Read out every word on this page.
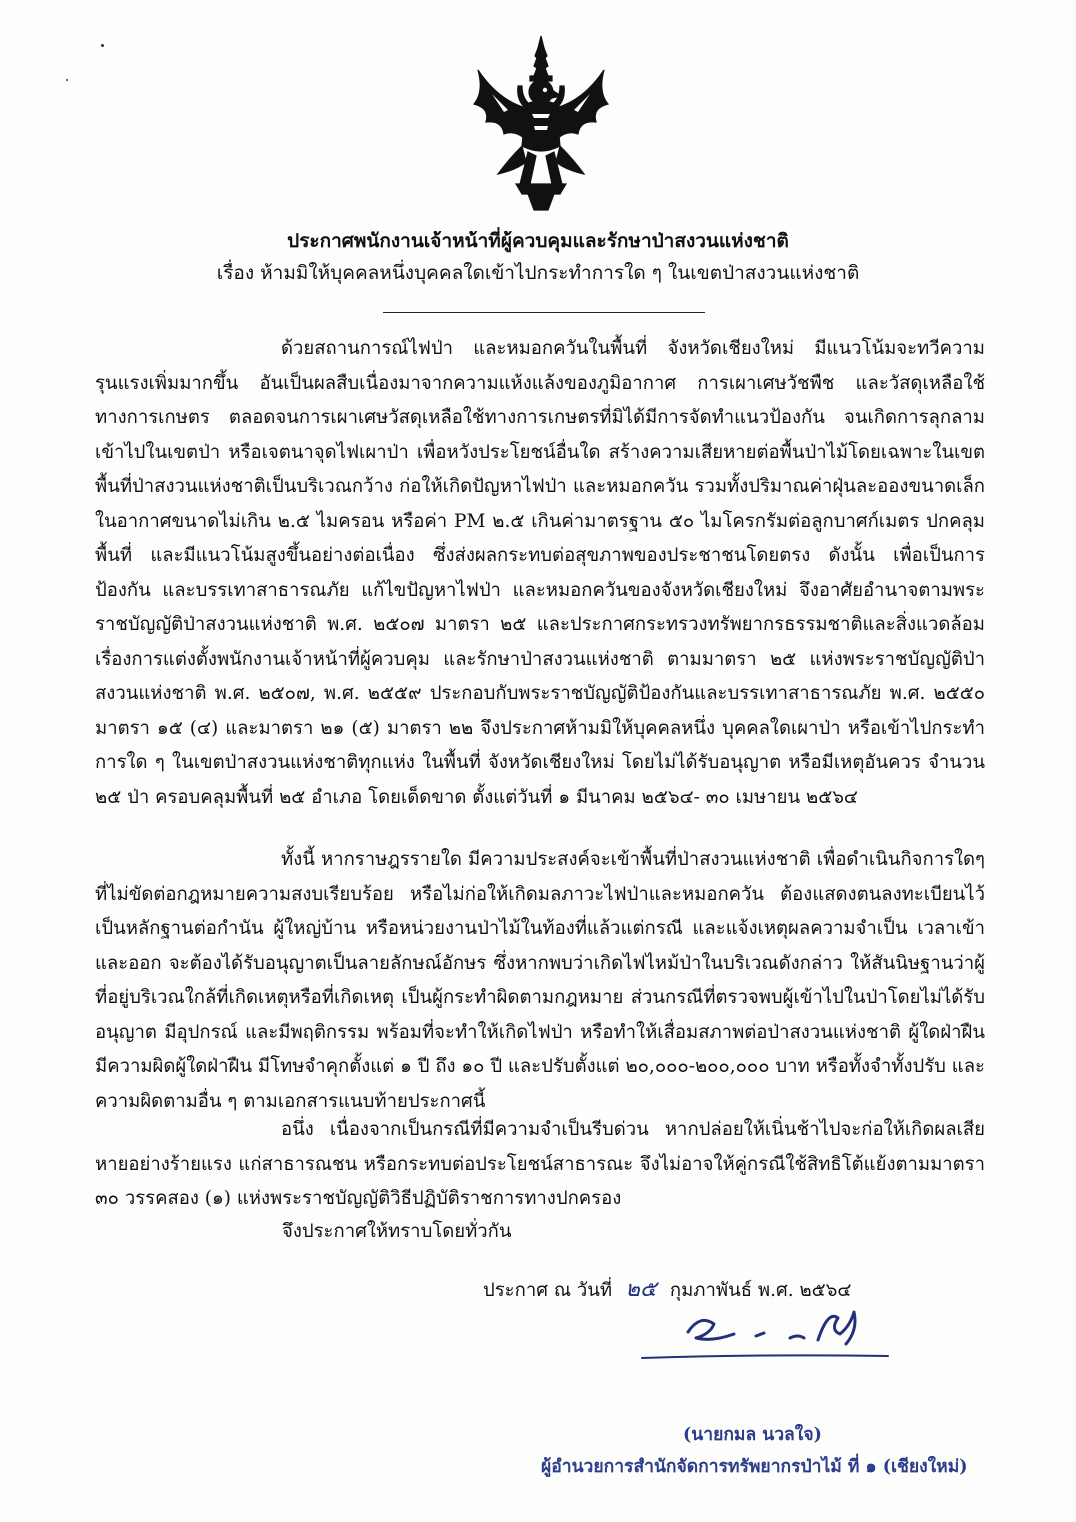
ประกาศพนักงานเจ้าหน้าที่ผู้ควบคุมและรักษาป่าสงวนแห่งชาติ
เรื่อง ห้ามมิให้บุคคลหนึ่งบุคคลใดเข้าไปกระทำการใด ๆ ในเขตป่าสงวนแห่งชาติ

ด้วยสถานการณ์ไฟป่า และหมอกควันในพื้นที่ จังหวัดเชียงใหม่ มีแนวโน้มจะทวีความรุนแรงเพิ่มมากขึ้น อันเป็นผลสืบเนื่องมาจากความแห้งแล้งของภูมิอากาศ การเผาเศษวัชพืช และวัสดุเหลือใช้ทางการเกษตร ตลอดจนการเผาเศษวัสดุเหลือใช้ทางการเกษตรที่มิได้มีการจัดทำแนวป้องกัน จนเกิดการลุกลามเข้าไปในเขตป่า หรือเจตนาจุดไฟเผาป่า เพื่อหวังประโยชน์อื่นใด สร้างความเสียหายต่อพื้นป่าไม้โดยเฉพาะในเขตพื้นที่ป่าสงวนแห่งชาติเป็นบริเวณกว้าง ก่อให้เกิดปัญหาไฟป่า และหมอกควัน รวมทั้งปริมาณค่าฝุ่นละอองขนาดเล็กในอากาศขนาดไม่เกิน ๒.๕ ไมครอน หรือค่า PM ๒.๕ เกินค่ามาตรฐาน ๕๐ ไมโครกรัมต่อลูกบาศก์เมตร ปกคลุมพื้นที่ และมีแนวโน้มสูงขึ้นอย่างต่อเนื่อง ซึ่งส่งผลกระทบต่อสุขภาพของประชาชนโดยตรง ดังนั้น เพื่อเป็นการป้องกัน และบรรเทาสาธารณภัย แก้ไขปัญหาไฟป่า และหมอกควันของจังหวัดเชียงใหม่ จึงอาศัยอำนาจตามพระราชบัญญัติป่าสงวนแห่งชาติ พ.ศ. ๒๕๐๗ มาตรา ๒๕ และประกาศกระทรวงทรัพยากรธรรมชาติและสิ่งแวดล้อม เรื่องการแต่งตั้งพนักงานเจ้าหน้าที่ผู้ควบคุม และรักษาป่าสงวนแห่งชาติ ตามมาตรา ๒๕ แห่งพระราชบัญญัติป่าสงวนแห่งชาติ พ.ศ. ๒๕๐๗, พ.ศ. ๒๕๕๙ ประกอบกับพระราชบัญญัติป้องกันและบรรเทาสาธารณภัย พ.ศ. ๒๕๕๐ มาตรา ๑๕ (๔) และมาตรา ๒๑ (๕) มาตรา ๒๒ จึงประกาศห้ามมิให้บุคคลหนึ่ง บุคคลใดเผาป่า หรือเข้าไปกระทำการใด ๆ ในเขตป่าสงวนแห่งชาติทุกแห่ง ในพื้นที่ จังหวัดเชียงใหม่ โดยไม่ได้รับอนุญาต หรือมีเหตุอันควร จำนวน ๒๕ ป่า ครอบคลุมพื้นที่ ๒๕ อำเภอ โดยเด็ดขาด ตั้งแต่วันที่ ๑ มีนาคม ๒๕๖๔- ๓๐ เมษายน ๒๕๖๔

ทั้งนี้ หากราษฎรรายใด มีความประสงค์จะเข้าพื้นที่ป่าสงวนแห่งชาติ เพื่อดำเนินกิจการใดๆ ที่ไม่ขัดต่อกฎหมายความสงบเรียบร้อย หรือไม่ก่อให้เกิดมลภาวะไฟป่าและหมอกควัน ต้องแสดงตนลงทะเบียนไว้เป็นหลักฐานต่อกำนัน ผู้ใหญ่บ้าน หรือหน่วยงานป่าไม้ในท้องที่แล้วแต่กรณี และแจ้งเหตุผลความจำเป็น เวลาเข้า และออก จะต้องได้รับอนุญาตเป็นลายลักษณ์อักษร ซึ่งหากพบว่าเกิดไฟไหม้ป่าในบริเวณดังกล่าว ให้สันนิษฐานว่าผู้ที่อยู่บริเวณใกล้ที่เกิดเหตุหรือที่เกิดเหตุ เป็นผู้กระทำผิดตามกฎหมาย ส่วนกรณีที่ตรวจพบผู้เข้าไปในป่าโดยไม่ได้รับอนุญาต มีอุปกรณ์ และมีพฤติกรรม พร้อมที่จะทำให้เกิดไฟป่า หรือทำให้เสื่อมสภาพต่อป่าสงวนแห่งชาติ ผู้ใดฝ่าฝืนมีความผิดผู้ใดฝ่าฝืน มีโทษจำคุกตั้งแต่ ๑ ปี ถึง ๑๐ ปี และปรับตั้งแต่ ๒๐,๐๐๐-๒๐๐,๐๐๐ บาท หรือทั้งจำทั้งปรับ และความผิดตามอื่น ๆ ตามเอกสารแนบท้ายประกาศนี้

อนึ่ง เนื่องจากเป็นกรณีที่มีความจำเป็นรีบด่วน หากปล่อยให้เนิ่นช้าไปจะก่อให้เกิดผลเสียหายอย่างร้ายแรง แก่สาธารณชน หรือกระทบต่อประโยชน์สาธารณะ จึงไม่อาจให้คู่กรณีใช้สิทธิโต้แย้งตามมาตรา ๓๐ วรรคสอง (๑) แห่งพระราชบัญญัติวิธีปฏิบัติราชการทางปกครอง

จึงประกาศให้ทราบโดยทั่วกัน
ประกาศ ณ วันที่ ๒๕ กุมภาพันธ์ พ.ศ. ๒๕๖๔
(นายกมล นวลใจ)
ผู้อำนวยการสำนักจัดการทรัพยากรป่าไม้ ที่ ๑ (เชียงใหม่)
